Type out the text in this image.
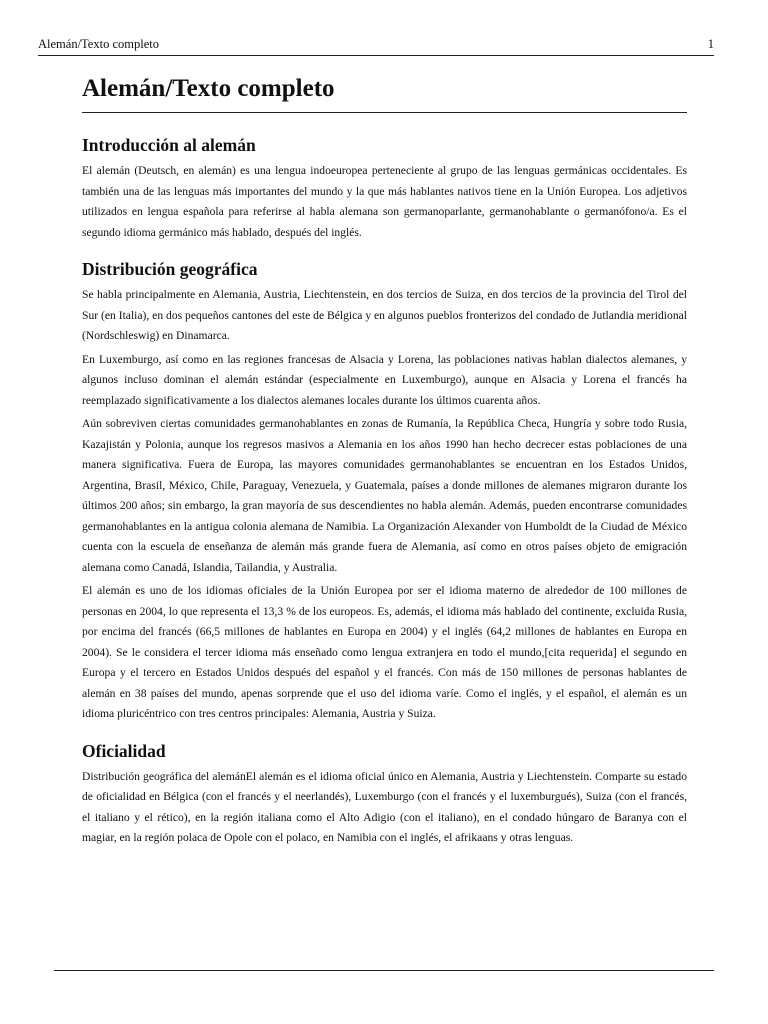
Alemán/Texto completo	1
Alemán/Texto completo
Introducción al alemán

El alemán (Deutsch, en alemán) es una lengua indoeuropea perteneciente al grupo de las lenguas germánicas occidentales. Es también una de las lenguas más importantes del mundo y la que más hablantes nativos tiene en la Unión Europea. Los adjetivos utilizados en lengua española para referirse al habla alemana son germanoparlante, germanohablante o germanófono/a. Es el segundo idioma germánico más hablado, después del inglés.

Distribución geográfica

Se habla principalmente en Alemania, Austria, Liechtenstein, en dos tercios de Suiza, en dos tercios de la provincia del Tirol del Sur (en Italia), en dos pequeños cantones del este de Bélgica y en algunos pueblos fronterizos del condado de Jutlandia meridional (Nordschleswig) en Dinamarca.

En Luxemburgo, así como en las regiones francesas de Alsacia y Lorena, las poblaciones nativas hablan dialectos alemanes, y algunos incluso dominan el alemán estándar (especialmente en Luxemburgo), aunque en Alsacia y Lorena el francés ha reemplazado significativamente a los dialectos alemanes locales durante los últimos cuarenta años.

Aún sobreviven ciertas comunidades germanohablantes en zonas de Rumanía, la República Checa, Hungría y sobre todo Rusia, Kazajistán y Polonia, aunque los regresos masivos a Alemania en los años 1990 han hecho decrecer estas poblaciones de una manera significativa. Fuera de Europa, las mayores comunidades germanohablantes se encuentran en los Estados Unidos, Argentina, Brasil, México, Chile, Paraguay, Venezuela, y Guatemala, países a donde millones de alemanes migraron durante los últimos 200 años; sin embargo, la gran mayoría de sus descendientes no habla alemán. Además, pueden encontrarse comunidades germanohablantes en la antigua colonia alemana de Namibia. La Organización Alexander von Humboldt de la Ciudad de México cuenta con la escuela de enseñanza de alemán más grande fuera de Alemania, así como en otros países objeto de emigración alemana como Canadá, Islandia, Tailandia, y Australia.

El alemán es uno de los idiomas oficiales de la Unión Europea por ser el idioma materno de alrededor de 100 millones de personas en 2004, lo que representa el 13,3 % de los europeos. Es, además, el idioma más hablado del continente, excluida Rusia, por encima del francés (66,5 millones de hablantes en Europa en 2004) y el inglés (64,2 millones de hablantes en Europa en 2004). Se le considera el tercer idioma más enseñado como lengua extranjera en todo el mundo,[cita requerida] el segundo en Europa y el tercero en Estados Unidos después del español y el francés. Con más de 150 millones de personas hablantes de alemán en 38 países del mundo, apenas sorprende que el uso del idioma varíe. Como el inglés, y el español, el alemán es un idioma pluricéntrico con tres centros principales: Alemania, Austria y Suiza.

Oficialidad

Distribución geográfica del alemánEl alemán es el idioma oficial único en Alemania, Austria y Liechtenstein. Comparte su estado de oficialidad en Bélgica (con el francés y el neerlandés), Luxemburgo (con el francés y el luxemburgués), Suiza (con el francés, el italiano y el rético), en la región italiana como el Alto Adigio (con el italiano), en el condado húngaro de Baranya con el magiar, en la región polaca de Opole con el polaco, en Namibia con el inglés, el afrikaans y otras lenguas.
